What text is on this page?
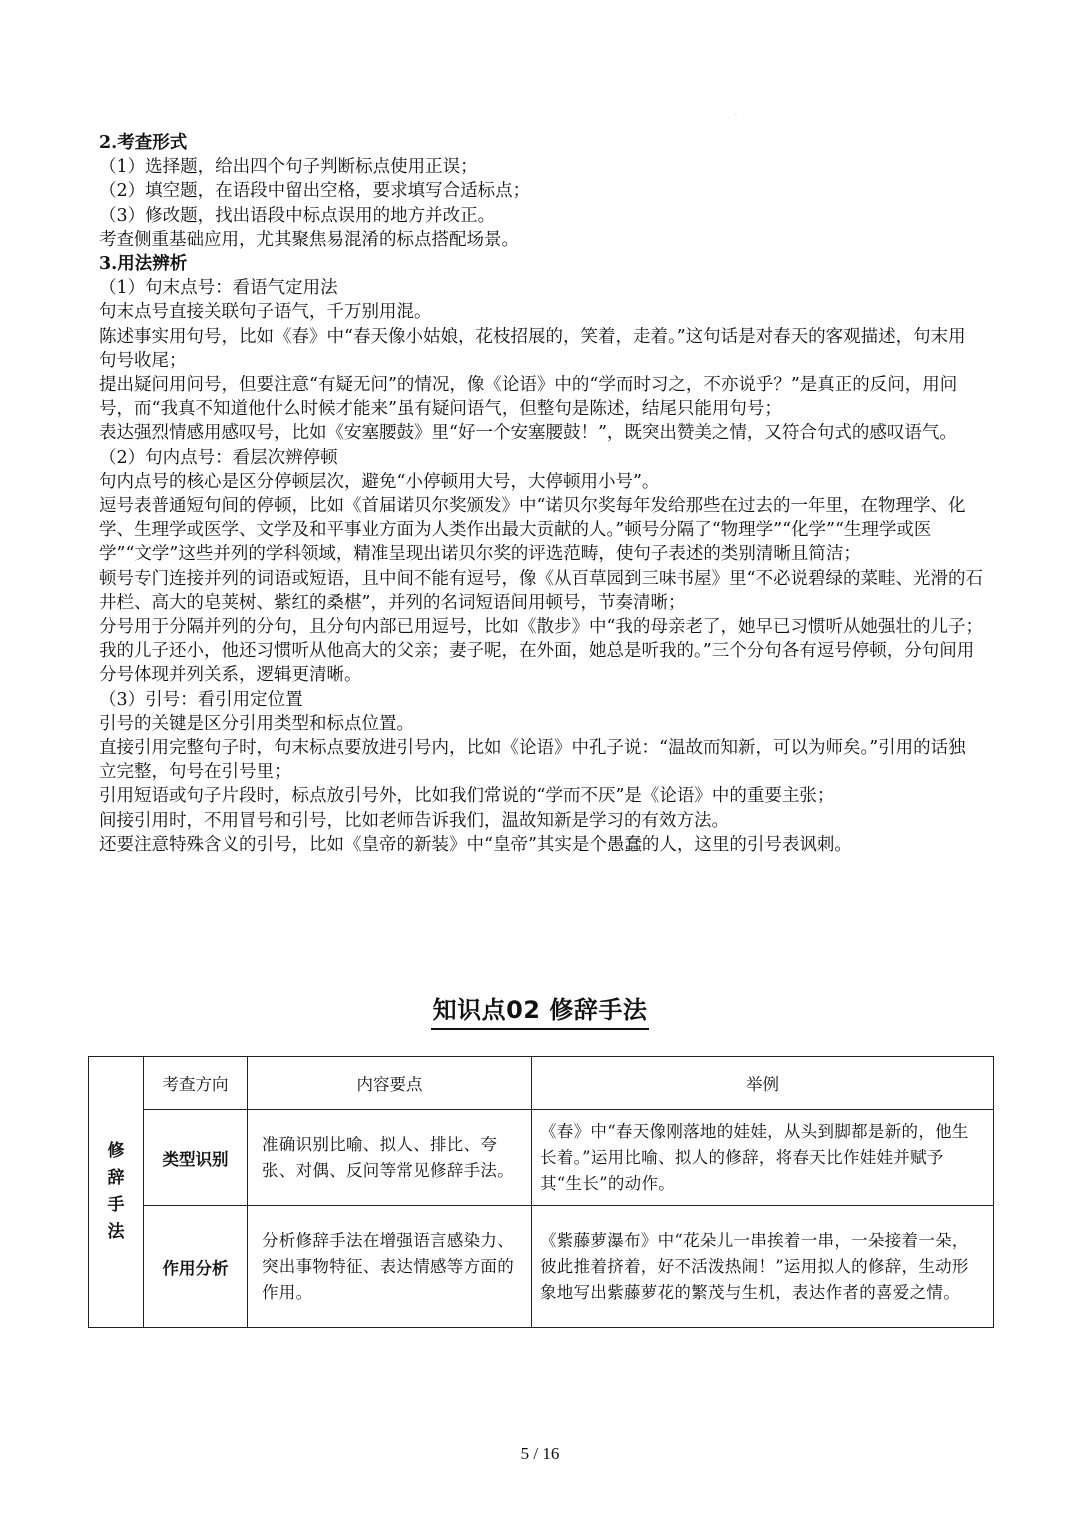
·

2.考查形式

（1）选择题，给出四个句子判断标点使用正误；

（2）填空题，在语段中留出空格，要求填写合适标点；

（3）修改题，找出语段中标点误用的地方并改正。

考查侧重基础应用，尤其聚焦易混淆的标点搭配场景。

3.用法辨析

（1）句末点号：看语气定用法

句末点号直接关联句子语气，千万别用混。

陈述事实用句号，比如《春》中“春天像小姑娘，花枝招展的，笑着，走着。”这句话是对春天的客观描述，句末用句号收尾；

提出疑问用问号，但要注意“有疑无问”的情况，像《论语》中的“学而时习之，不亦说乎？”是真正的反问，用问号，而“我真不知道他什么时候才能来”虽有疑问语气，但整句是陈述，结尾只能用句号；

表达强烈情感用感叹号，比如《安塞腰鼓》里“好一个安塞腰鼓！”，既突出赞美之情，又符合句式的感叹语气。

（2）句内点号：看层次辨停顿

句内点号的核心是区分停顿层次，避免“小停顿用大号，大停顿用小号”。

逗号表普通短句间的停顿，比如《首届诺贝尔奖颁发》中“诺贝尔奖每年发给那些在过去的一年里，在物理学、化学、生理学或医学、文学及和平事业方面为人类作出最大贡献的人。”顿号分隔了“物理学”“化学”“生理学或医学”“文学”这些并列的学科领域，精准呈现出诺贝尔奖的评选范畴，使句子表述的类别清晰且简洁；

顿号专门连接并列的词语或短语，且中间不能有逗号，像《从百草园到三味书屋》里“不必说碧绿的菜畦、光滑的石井栏、高大的皂荚树、紫红的桑椹”，并列的名词短语间用顿号，节奏清晰；

分号用于分隔并列的分句，且分句内部已用逗号，比如《散步》中“我的母亲老了，她早已习惯听从她强壮的儿子；我的儿子还小，他还习惯听从他高大的父亲；妻子呢，在外面，她总是听我的。”三个分句各有逗号停顿，分句间用分号体现并列关系，逻辑更清晰。

（3）引号：看引用定位置

引号的关键是区分引用类型和标点位置。

直接引用完整句子时，句末标点要放进引号内，比如《论语》中孔子说：“温故而知新，可以为师矣。”引用的话独立完整，句号在引号里；

引用短语或句子片段时，标点放引号外，比如我们常说的“学而不厌”是《论语》中的重要主张；

间接引用时，不用冒号和引号，比如老师告诉我们，温故知新是学习的有效方法。

还要注意特殊含义的引号，比如《皇帝的新装》中“皇帝”其实是个愚蠢的人，这里的引号表讽刺。

知识点02 修辞手法
修辞手法	考查方向	内容要点	举例
	类型识别	准确识别比喻、拟人、排比、夸张、对偶、反问等常见修辞手法。	《春》中“春天像刚落地的娃娃，从头到脚都是新的，他生长着。”运用比喻、拟人的修辞，将春天比作娃娃并赋予其“生长”的动作。
	作用分析	分析修辞手法在增强语言感染力、突出事物特征、表达情感等方面的作用。	《紫藤萝瀑布》中“花朵儿一串挨着一串，一朵接着一朵，彼此推着挤着，好不活泼热闹！”运用拟人的修辞，生动形象地写出紫藤萝花的繁茂与生机，表达作者的喜爱之情。
5 / 16
